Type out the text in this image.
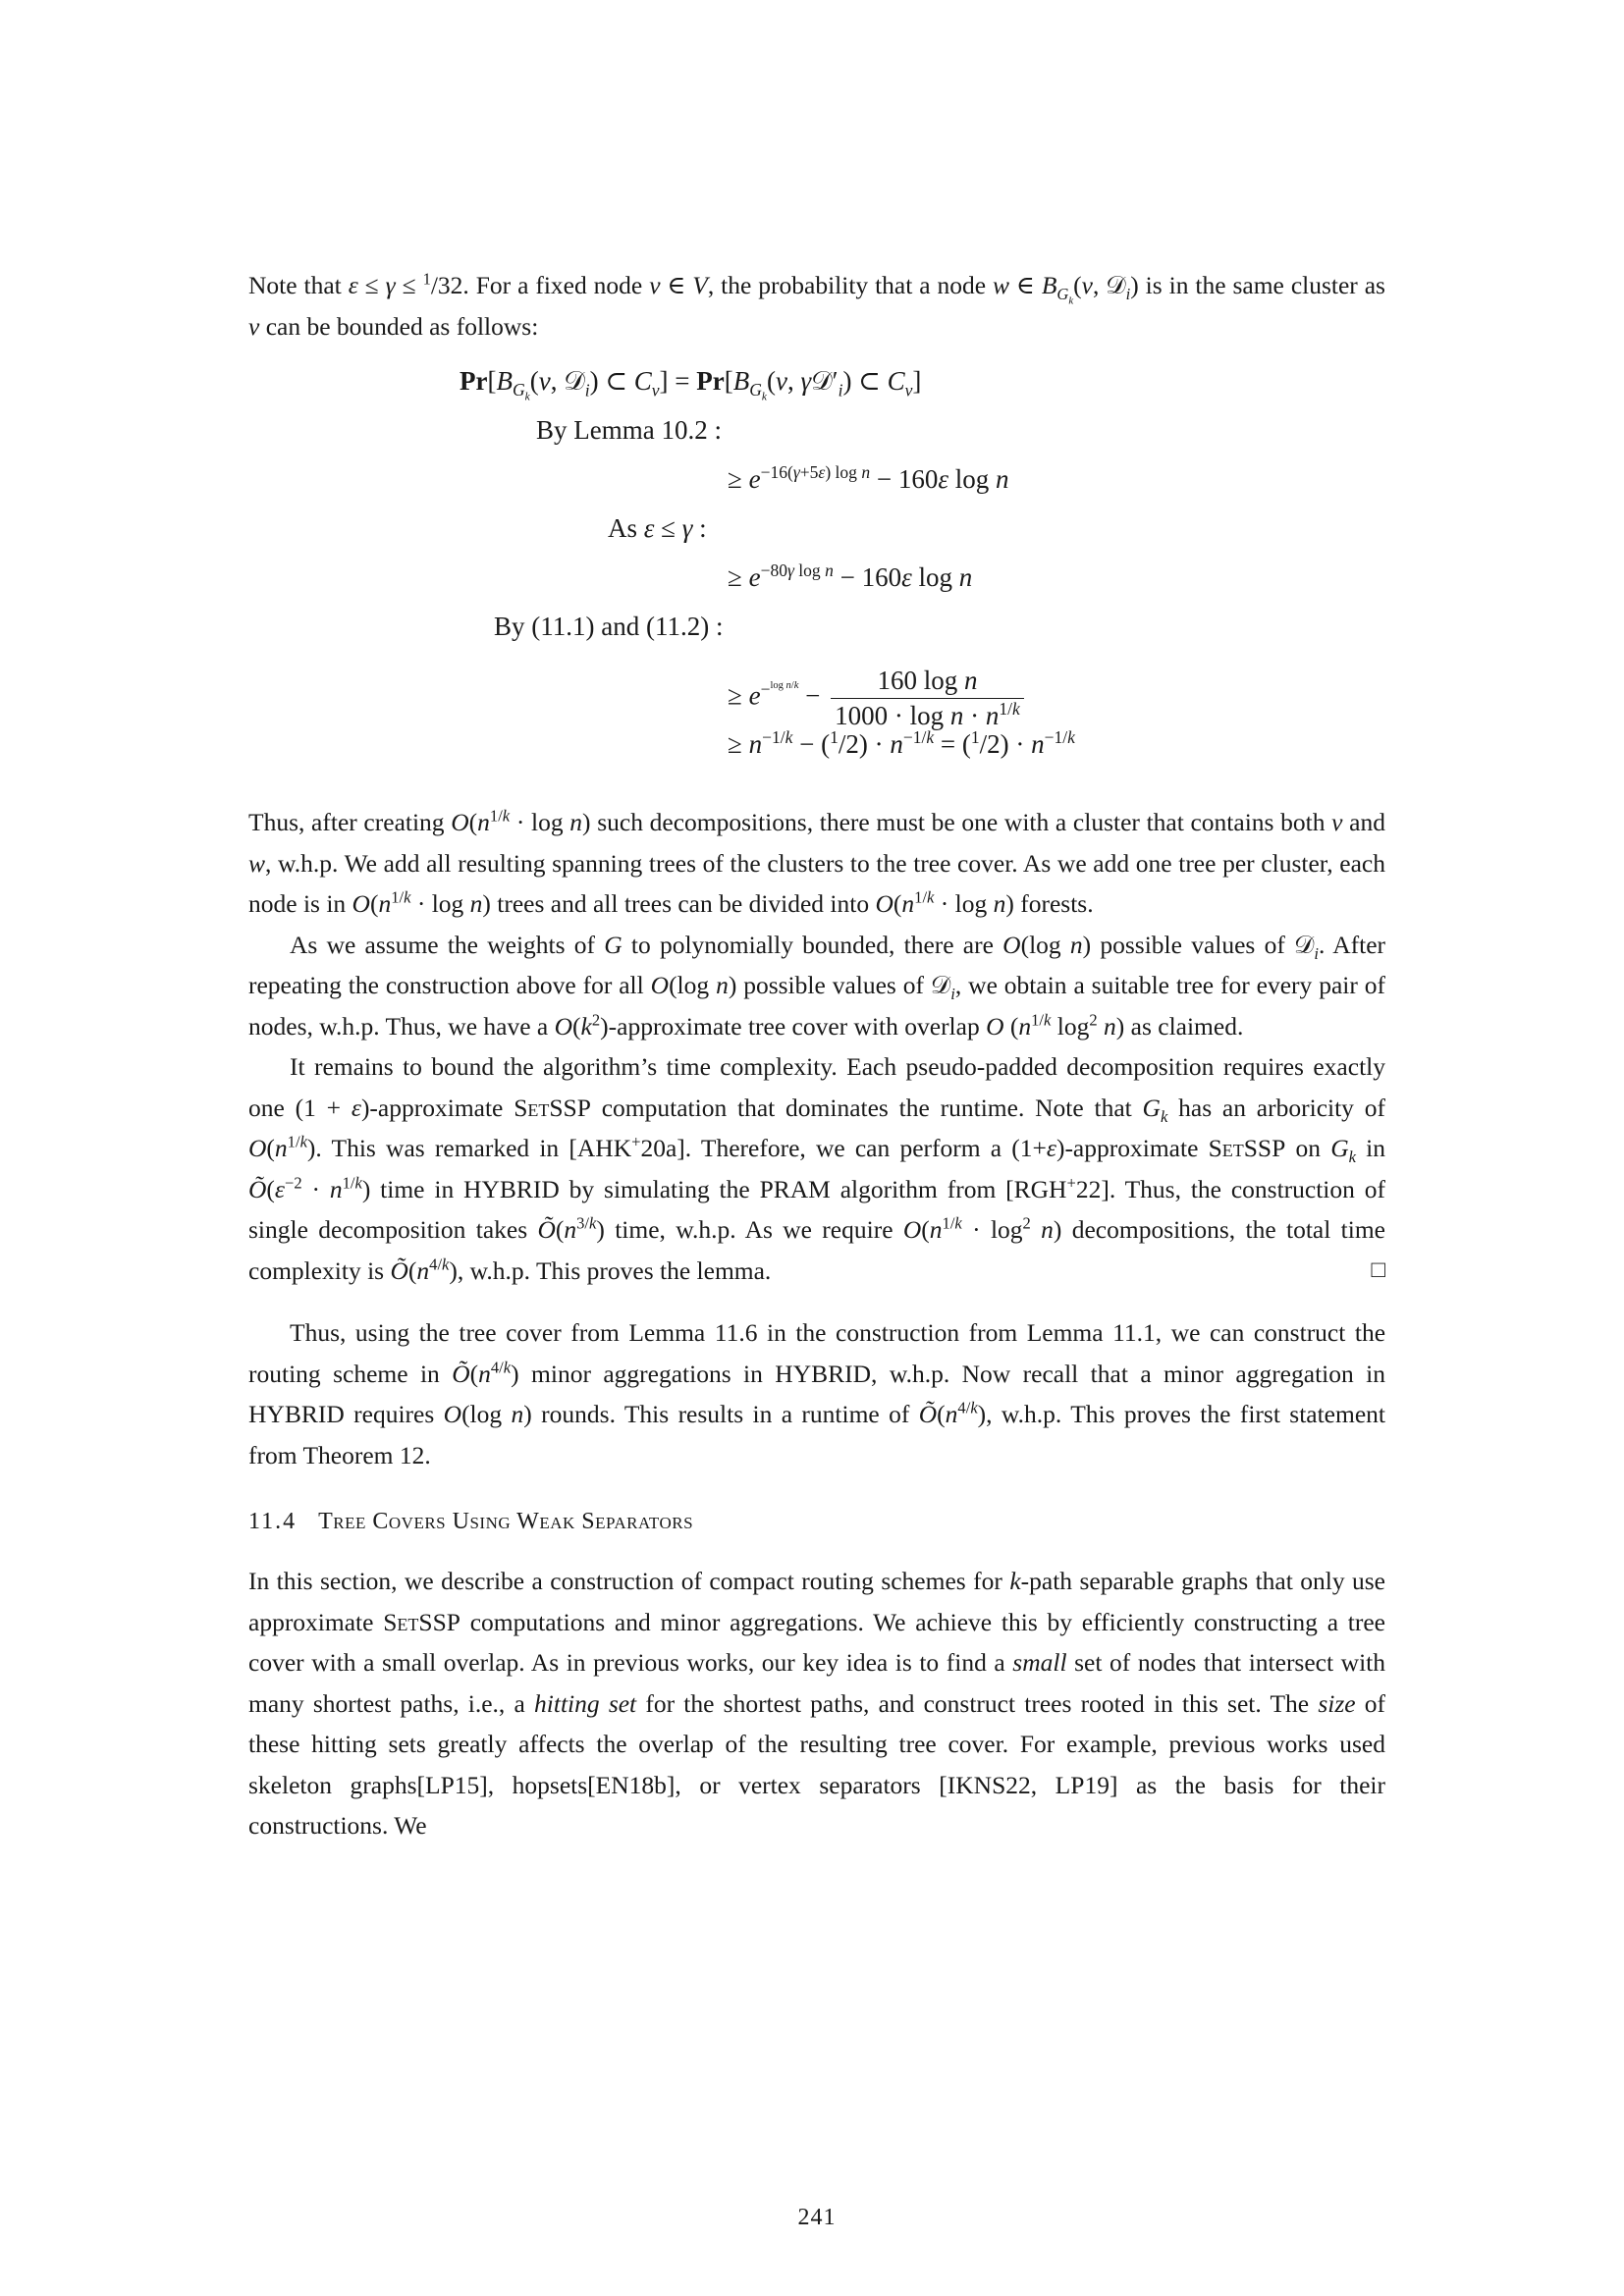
Note that ε ≤ γ ≤ $^1$/32. For a fixed node v ∈ V, the probability that a node w ∈ $B_{G_k}(v$, 𝒟$_i$) is in the same cluster as v can be bounded as follows:

$Pr[B_{G_k}(v$, 𝒟$_i$) ⊂ $C_v] = Pr[B_{G_k}(v$, $\gamma 𝒟'_i$) ⊂ $C_v$]
By Lemma 10.2 :
≥ $e^{-16(\gamma+5\varepsilon) log n} - 160\varepsilon$ log n
As ε ≤ γ :
≥ $e^{-80\gamma log n} - 160\varepsilon$ log n
By (11.1) and (11.2) :
≥ $e^{-^{log n/k}} - \frac{\text{160 log n}}{1000 \cdot \log n \cdot n^{1/k}}$
≥ $n^{-1/k} - (^1/2) \cdot n^{-1/k} = (^1/2) \cdot n^{-1/k}$

Thus, after creating $O(n^{1/k} \cdot \log n)$ such decompositions, there must be one with a cluster that contains both v and w, w.h.p. We add all resulting spanning trees of the clusters to the tree cover. As we add one tree per cluster, each node is in $O(n^{1/k} \cdot \log n)$ trees and all trees can be divided into $O(n^{1/k} \cdot \log n)$ forests.

As we assume the weights of G to polynomially bounded, there are O(log n) possible values of 𝒟$_i$. After repeating the construction above for all O(log n) possible values of 𝒟$_i$, we obtain a suitable tree for every pair of nodes, w.h.p. Thus, we have a $O(k^2)$-approximate tree cover with overlap O ($n^{1/k}$ $\log^2 n$) as claimed.

It remains to bound the algorithm’s time complexity. Each pseudo-padded decomposition requires exactly one (1 + ε)-approximate SetSSP computation that dominates the runtime. Note that $G_k$ has an arboricity of $O(n^{1/k})$. This was remarked in [AHK+20a]. Therefore, we can perform a (1+ε)-approximate SetSSP on $G_k$ in $Õ(\varepsilon^{-2} \cdot n^{1/k})$ time in HYBRID by simulating the PRAM algorithm from [RGH+22]. Thus, the construction of single decomposition takes $Õ(n^{3/k})$ time, w.h.p. As we require $O(n^{1/k} \cdot \log^2 n)$ decompositions, the total time complexity is $Õ(n^{4/k})$, w.h.p. This proves the lemma.	□

Thus, using the tree cover from Lemma 11.6 in the construction from Lemma 11.1, we can construct the routing scheme in $Õ(n^{4/k})$ minor aggregations in HYBRID, w.h.p. Now recall that a minor aggregation in HYBRID requires O(log n) rounds. This results in a runtime of $Õ(n^{4/k})$, w.h.p. This proves the first statement from Theorem 12.

11.4 Tree Covers Using Weak Separators

In this section, we describe a construction of compact routing schemes for k-path separable graphs that only use approximate SetSSP computations and minor aggregations. We achieve this by efficiently constructing a tree cover with a small overlap. As in previous works, our key idea is to find a small set of nodes that intersect with many shortest paths, i.e., a hitting set for the shortest paths, and construct trees rooted in this set. The size of these hitting sets greatly affects the overlap of the resulting tree cover. For example, previous works used skeleton graphs[LP15], hopsets[EN18b], or vertex separators [IKNS22, LP19] as the basis for their constructions. We

241
